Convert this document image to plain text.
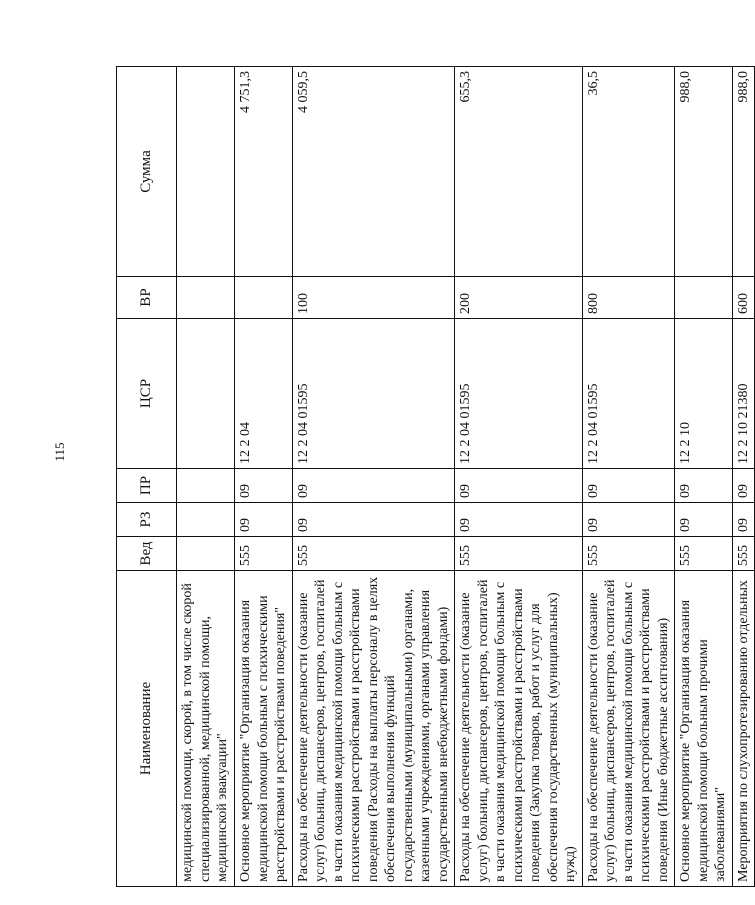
115
Наименование	Вед	РЗ	ПР	ЦСР	ВР	Сумма
медицинской помощи, скорой, в том числе скорой специализированной, медицинской помощи, медицинской эвакуации"						
Основное мероприятие "Организация оказания медицинской помощи больным с психическими расстройствами и расстройствами поведения"	555	09	09	12 2 04		4 751,3
Расходы на обеспечение деятельности (оказание услуг) больниц, диспансеров, центров, госпиталей в части оказания медицинской помощи больным с психическими расстройствами и расстройствами поведения (Расходы на выплаты персоналу в целях обеспечения выполнения функций государственными (муниципальными) органами, казенными учреждениями, органами управления государственными внебюджетными фондами)	555	09	09	12 2 04 01595	100	4 059,5
Расходы на обеспечение деятельности (оказание услуг) больниц, диспансеров, центров, госпиталей в части оказания медицинской помощи больным с психическими расстройствами и расстройствами поведения (Закупка товаров, работ и услуг для обеспечения государственных (муниципальных) нужд)	555	09	09	12 2 04 01595	200	655,3
Расходы на обеспечение деятельности (оказание услуг) больниц, диспансеров, центров, госпиталей в части оказания медицинской помощи больным с психическими расстройствами и расстройствами поведения (Иные бюджетные ассигнования)	555	09	09	12 2 04 01595	800	36,5
Основное мероприятие "Организация оказания медицинской помощи больным прочими заболеваниями"	555	09	09	12 2 10		988,0
Мероприятия по слухопротезированию отдельных	555	09	09	12 2 10 21380	600	988,0
